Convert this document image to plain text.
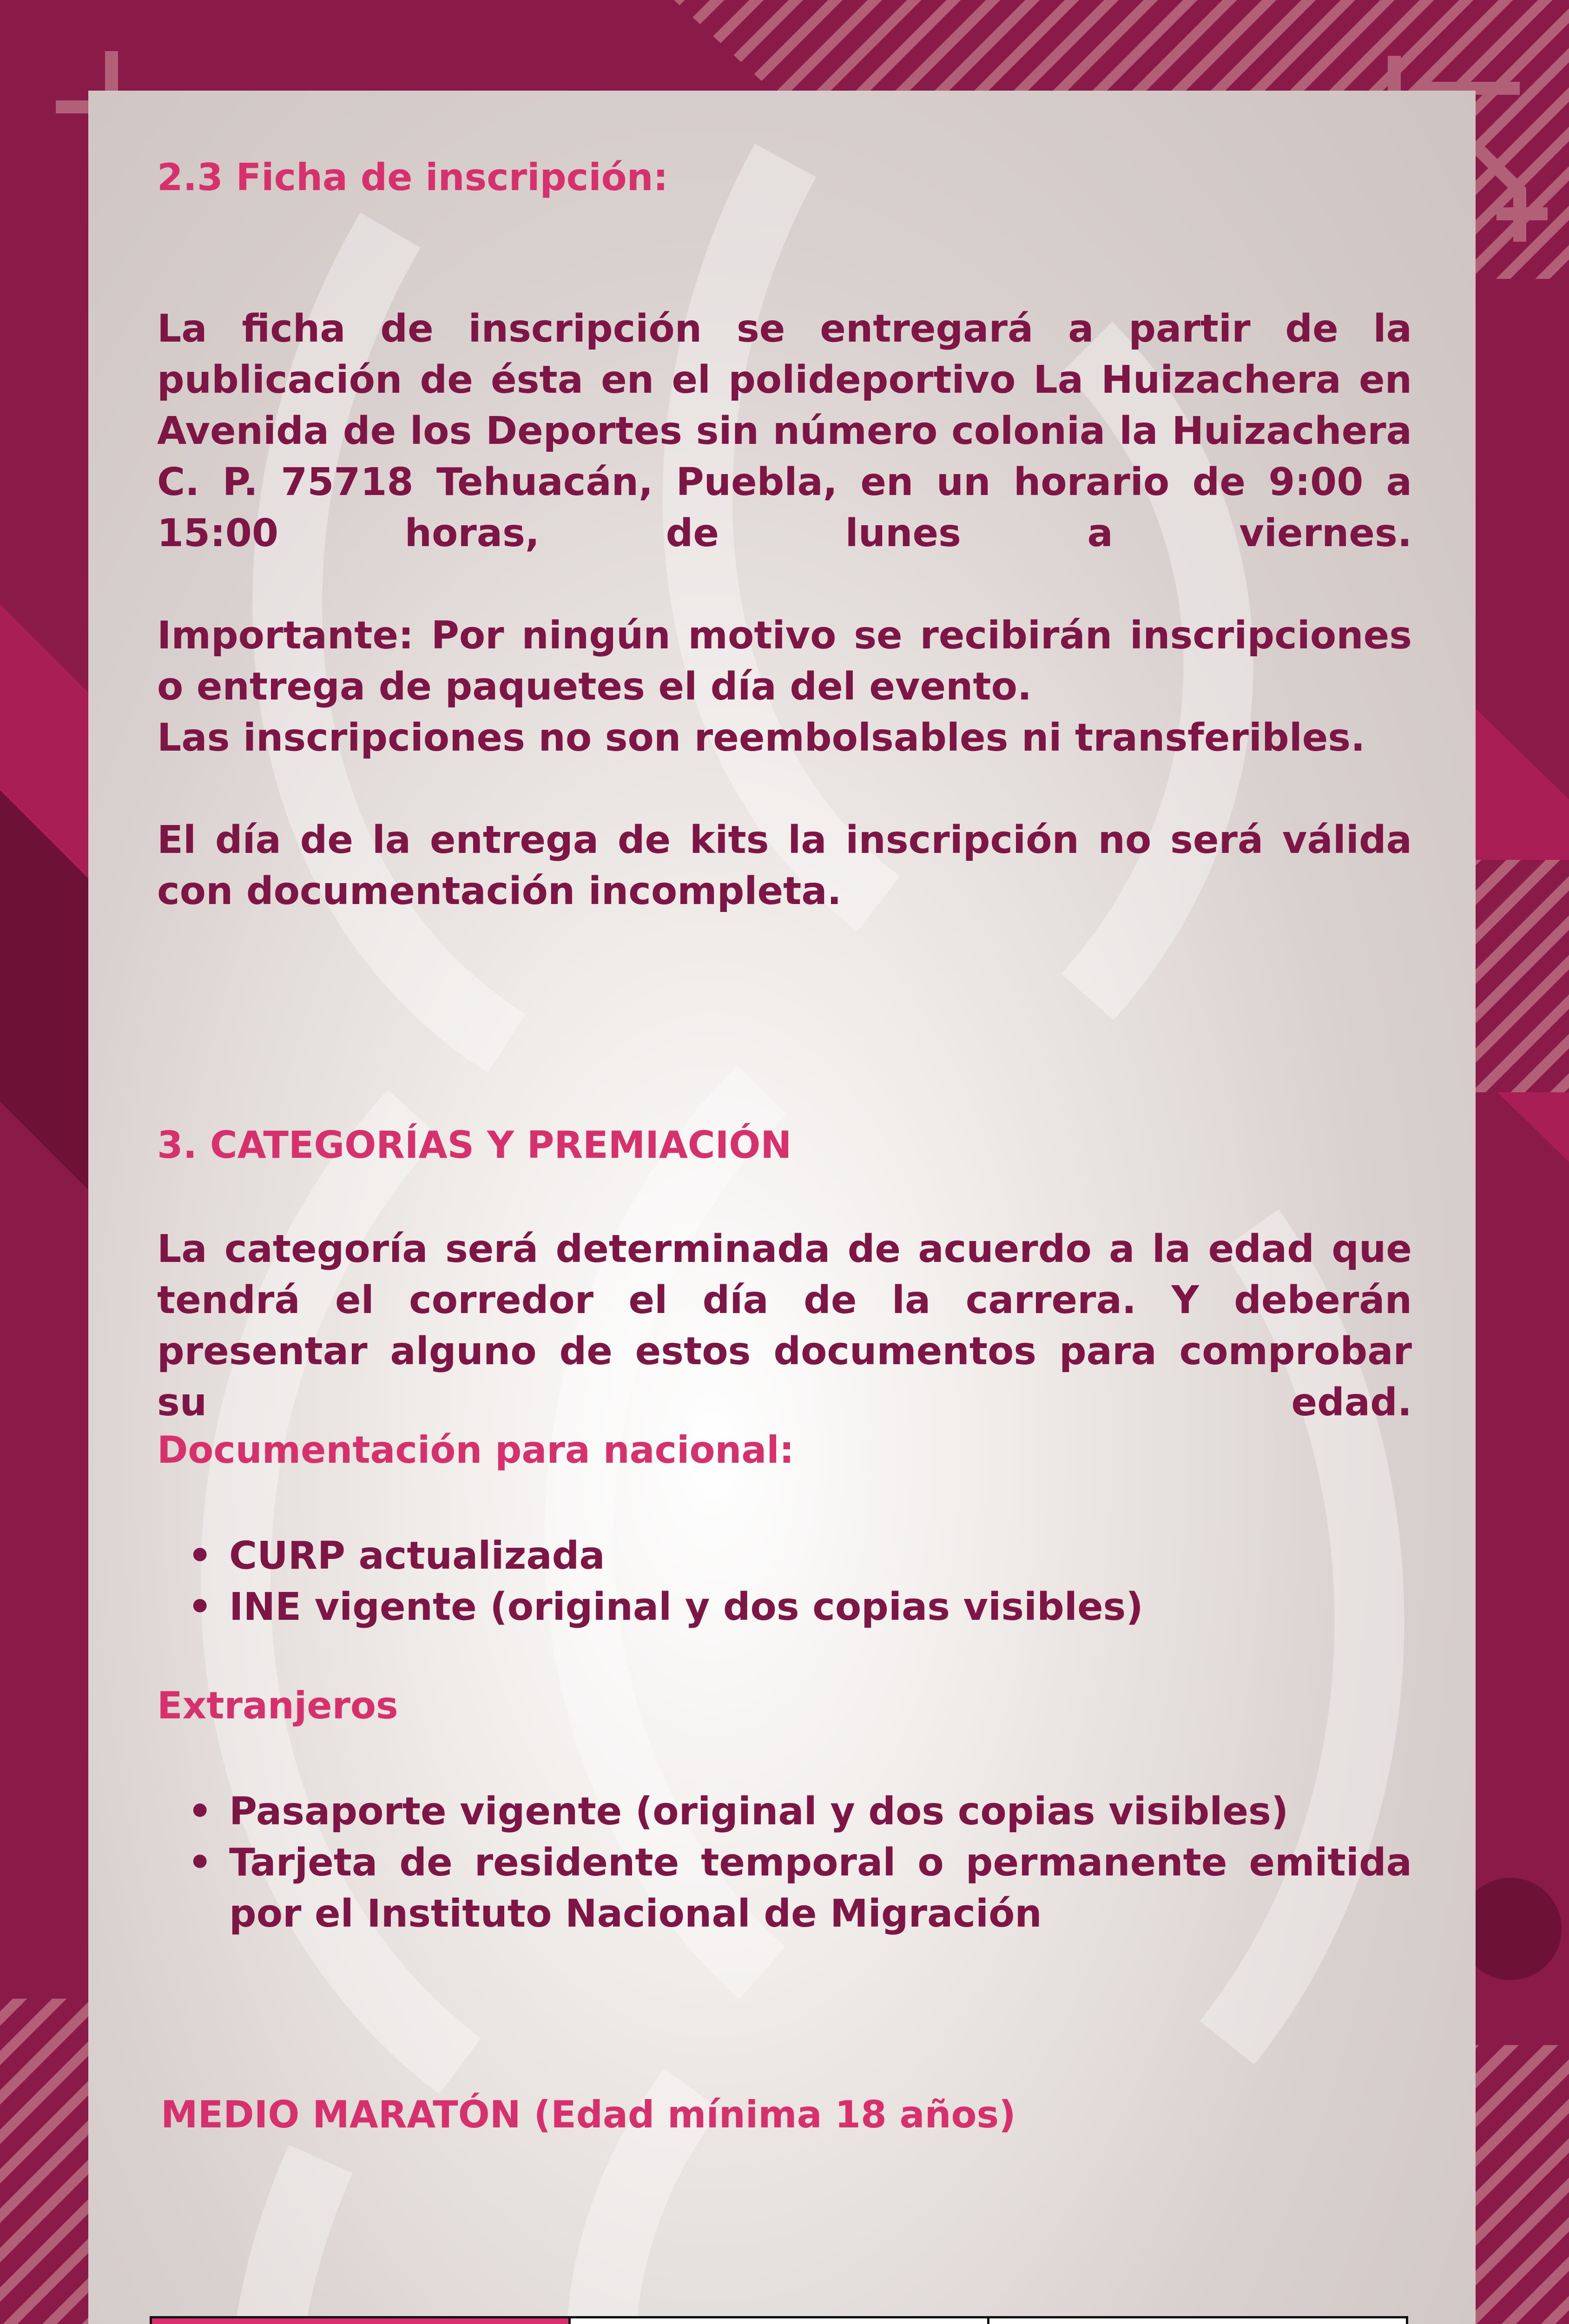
2.3 Ficha de inscripción:

La ficha de inscripción se entregará a partir de la publicación de ésta en el polideportivo La Huizachera en Avenida de los Deportes sin número colonia la Huizachera C. P. 75718 Tehuacán, Puebla, en un horario de 9:00 a 15:00 horas, de lunes a viernes.

Importante: Por ningún motivo se recibirán inscripciones o entrega de paquetes el día del evento.

Las inscripciones no son reembolsables ni transferibles.

El día de la entrega de kits la inscripción no será válida con documentación incompleta.

3. CATEGORÍAS Y PREMIACIÓN

La categoría será determinada de acuerdo a la edad que tendrá el corredor el día de la carrera. Y deberán presentar alguno de estos documentos para comprobar su edad.

Documentación para nacional:
• CURP actualizada
• INE vigente (original y dos copias visibles)
Extranjeros
• Pasaporte vigente (original y dos copias visibles)
• Tarjeta de residente temporal o permanente emitida por el Instituto Nacional de Migración
MEDIO MARATÓN (Edad mínima 18 años)
